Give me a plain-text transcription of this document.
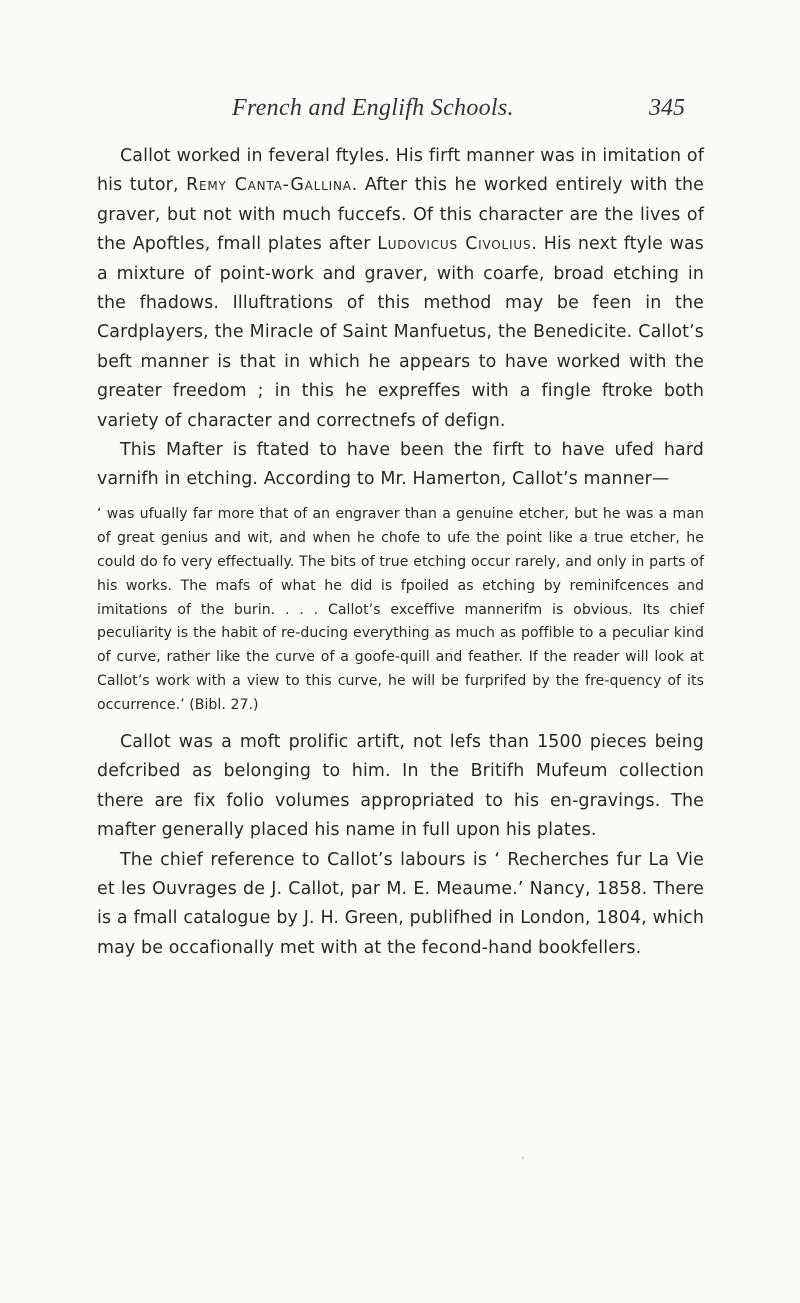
French and Englifh Schools.	345

Callot worked in feveral ftyles. His firft manner was in imitation of his tutor, Remy Canta-Gallina. After this he worked entirely with the graver, but not with much fuccefs. Of this character are the lives of the Apoftles, fmall plates after Ludovicus Civolius. His next ftyle was a mixture of point-work and graver, with coarfe, broad etching in the fhadows. Illuftrations of this method may be feen in the Cardplayers, the Miracle of Saint Manfuetus, the Benedicite. Callot’s beft manner is that in which he appears to have worked with the greater freedom ; in this he expreffes with a fingle ftroke both variety of character and correctnefs of defign.

This Mafter is ftated to have been the firft to have ufed hard varnifh in etching. According to Mr. Hamerton, Callot’s manner—

‘ was ufually far more that of an engraver than a genuine etcher, but he was a man of great genius and wit, and when he chofe to ufe the point like a true etcher, he could do fo very effectually. The bits of true etching occur rarely, and only in parts of his works. The mafs of what he did is fpoiled as etching by reminifcences and imitations of the burin. . . . Callot’s exceffive mannerifm is obvious. Its chief peculiarity is the habit of re-ducing everything as much as poffible to a peculiar kind of curve, rather like the curve of a goofe-quill and feather. If the reader will look at Callot’s work with a view to this curve, he will be furprifed by the fre-quency of its occurrence.’ (Bibl. 27.)

Callot was a moft prolific artift, not lefs than 1500 pieces being defcribed as belonging to him. In the Britifh Mufeum collection there are fix folio volumes appropriated to his en-gravings. The mafter generally placed his name in full upon his plates.

The chief reference to Callot’s labours is ‘ Recherches fur La Vie et les Ouvrages de J. Callot, par M. E. Meaume.’ Nancy, 1858. There is a fmall catalogue by J. H. Green, publifhed in London, 1804, which may be occafionally met with at the fecond-hand bookfellers.
